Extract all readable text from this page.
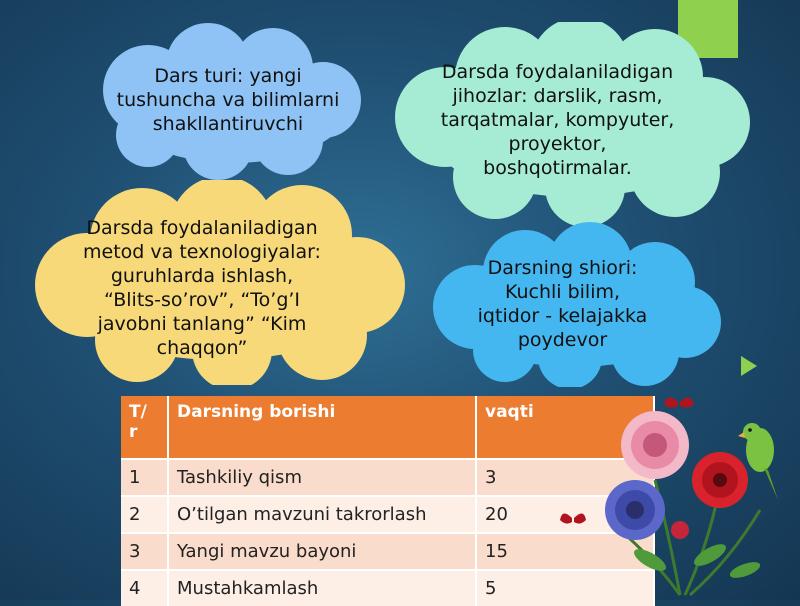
Dars turi: yangi tushuncha va bilimlarni shakllantiruvchi
Darsda foydalaniladigan jihozlar: darslik, rasm, tarqatmalar, kompyuter, proyektor, boshqotirmalar.
Darsda foydalaniladigan metod va texnologiyalar: guruhlarda ishlash, “Blits-so’rov”, “To’g’I javobni tanlang” “Kim chaqqon”
Darsning shiori: Kuchli bilim, iqtidor - kelajakka poydevor
T/ r	Darsning borishi	vaqti
1	Tashkiliy qism	3
2	O’tilgan mavzuni takrorlash	20
3	Yangi mavzu bayoni	15
4	Mustahkamlash	5
